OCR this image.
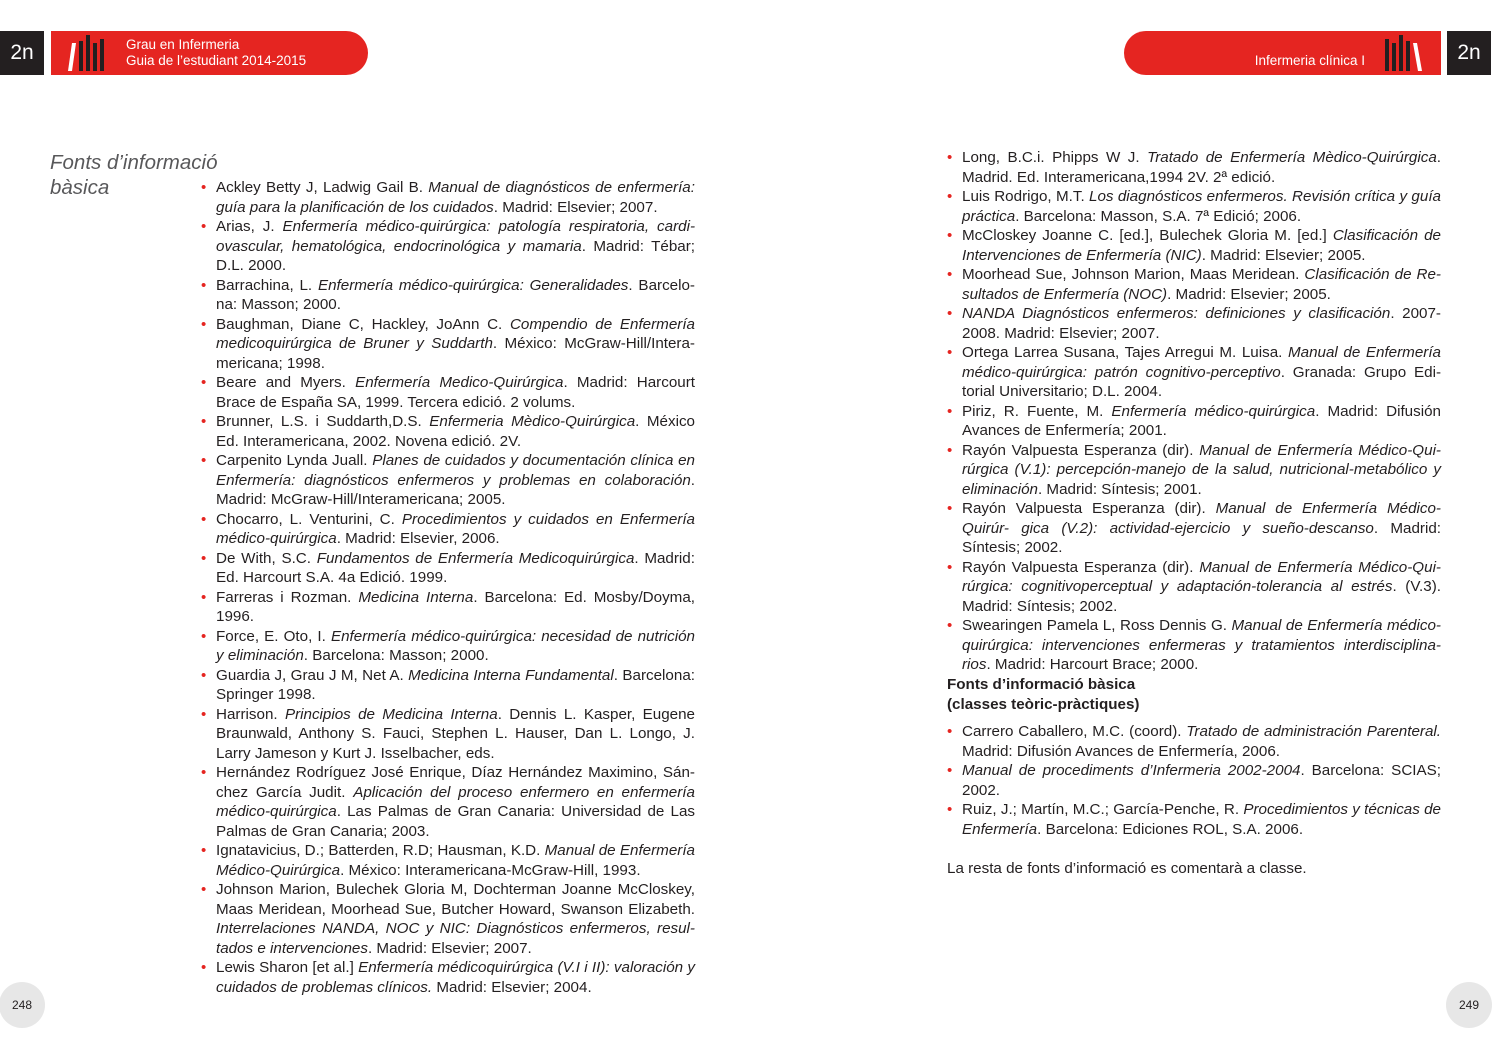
2n	Grau en Infermeria
Guia de l’estudiant 2014-2015	Infermeria clínica I	2n
Fonts d’informació
bàsica
•	Ackley Betty J, Ladwig Gail B. Manual de diagnósticos de enfermería: guía para la planificación de los cuidados. Madrid: Elsevier; 2007.
• Arias, J. Enfermería médico-quirúrgica: patología respiratoria, cardi- ovascular, hematológica, endocrinológica y mamaria. Madrid: Tébar; D.L. 2000.
• Barrachina, L. Enfermería médico-quirúrgica: Generalidades. Barcelo- na: Masson; 2000.
• Baughman, Diane C, Hackley, JoAnn C. Compendio de Enfermería medicoquirúrgica de Bruner y Suddarth. México: McGraw-Hill/Intera- mericana; 1998.
• Beare and Myers. Enfermería Medico-Quirúrgica. Madrid: Harcourt Brace de España SA, 1999. Tercera edició. 2 volums.
• Brunner, L.S. i Suddarth,D.S. Enfermeria Mèdico-Quirúrgica. México Ed. Interamericana, 2002. Novena edició. 2V.
• Carpenito Lynda Juall. Planes de cuidados y documentación clínica en Enfermería: diagnósticos enfermeros y problemas en colaboración. Madrid: McGraw-Hill/Interamericana; 2005.
• Chocarro, L. Venturini, C. Procedimientos y cuidados en Enfermería médico-quirúrgica. Madrid: Elsevier, 2006.
• De With, S.C. Fundamentos de Enfermería Medicoquirúrgica. Madrid: Ed. Harcourt S.A. 4a Edició. 1999.
• Farreras i Rozman. Medicina Interna. Barcelona: Ed. Mosby/Doyma, 1996.
• Force, E. Oto, I. Enfermería médico-quirúrgica: necesidad de nutrición y eliminación. Barcelona: Masson; 2000.
• Guardia J, Grau J M, Net A. Medicina Interna Fundamental. Barcelona: Springer 1998.
• Harrison. Principios de Medicina Interna. Dennis L. Kasper, Eugene Braunwald, Anthony S. Fauci, Stephen L. Hauser, Dan L. Longo, J. Larry Jameson y Kurt J. Isselbacher, eds.
• Hernández Rodríguez José Enrique, Díaz Hernández Maximino, Sán- chez García Judit. Aplicación del proceso enfermero en enfermería médico-quirúrgica. Las Palmas de Gran Canaria: Universidad de Las Palmas de Gran Canaria; 2003.
• Ignatavicius, D.; Batterden, R.D; Hausman, K.D. Manual de Enfermería Médico-Quirúrgica. México: Interamericana-McGraw-Hill, 1993.
• Johnson Marion, Bulechek Gloria M, Dochterman Joanne McCloskey, Maas Meridean, Moorhead Sue, Butcher Howard, Swanson Elizabeth. Interrelaciones NANDA, NOC y NIC: Diagnósticos enfermeros, resul- tados e intervenciones. Madrid: Elsevier; 2007.
• Lewis Sharon [et al.] Enfermería médicoquirúrgica (V.I i II): valoración y cuidados de problemas clínicos. Madrid: Elsevier; 2004.
• Long, B.C.i. Phipps W J. Tratado de Enfermería Mèdico-Quirúrgica. Madrid. Ed. Interamericana,1994 2V. 2ª edició.
• Luis Rodrigo, M.T. Los diagnósticos enfermeros. Revisión crítica y guía práctica. Barcelona: Masson, S.A. 7ª Edició; 2006.
• McCloskey Joanne C. [ed.], Bulechek Gloria M. [ed.] Clasificación de Intervenciones de Enfermería (NIC). Madrid: Elsevier; 2005.
• Moorhead Sue, Johnson Marion, Maas Meridean. Clasificación de Re- sultados de Enfermería (NOC). Madrid: Elsevier; 2005.
• NANDA Diagnósticos enfermeros: definiciones y clasificación. 2007- 2008. Madrid: Elsevier; 2007.
• Ortega Larrea Susana, Tajes Arregui M. Luisa. Manual de Enfermería médico-quirúrgica: patrón cognitivo-perceptivo. Granada: Grupo Edi- torial Universitario; D.L. 2004.
• Piriz, R. Fuente, M. Enfermería médico-quirúrgica. Madrid: Difusión Avances de Enfermería; 2001.
• Rayón Valpuesta Esperanza (dir). Manual de Enfermería Médico-Qui- rúrgica (V.1): percepción-manejo de la salud, nutricional-metabólico y eliminación. Madrid: Síntesis; 2001.
• Rayón Valpuesta Esperanza (dir). Manual de Enfermería Médico-Quirúr- gica (V.2): actividad-ejercicio y sueño-descanso. Madrid: Síntesis; 2002.
• Rayón Valpuesta Esperanza (dir). Manual de Enfermería Médico-Qui- rúrgica: cognitivoperceptual y adaptación-tolerancia al estrés. (V.3). Madrid: Síntesis; 2002.
• Swearingen Pamela L, Ross Dennis G. Manual de Enfermería médico- quirúrgica: intervenciones enfermeras y tratamientos interdisciplina- rios. Madrid: Harcourt Brace; 2000.
Fonts d’informació bàsica
(classes teòric-pràctiques)
• Carrero Caballero, M.C. (coord). Tratado de administración Parenteral. Madrid: Difusión Avances de Enfermería, 2006.
• Manual de procediments d’Infermeria 2002-2004. Barcelona: SCIAS; 2002.
• Ruiz, J.; Martín, M.C.; García-Penche, R. Procedimientos y técnicas de Enfermería. Barcelona: Ediciones ROL, S.A. 2006.

La resta de fonts d’informació es comentarà a classe.

248	249
